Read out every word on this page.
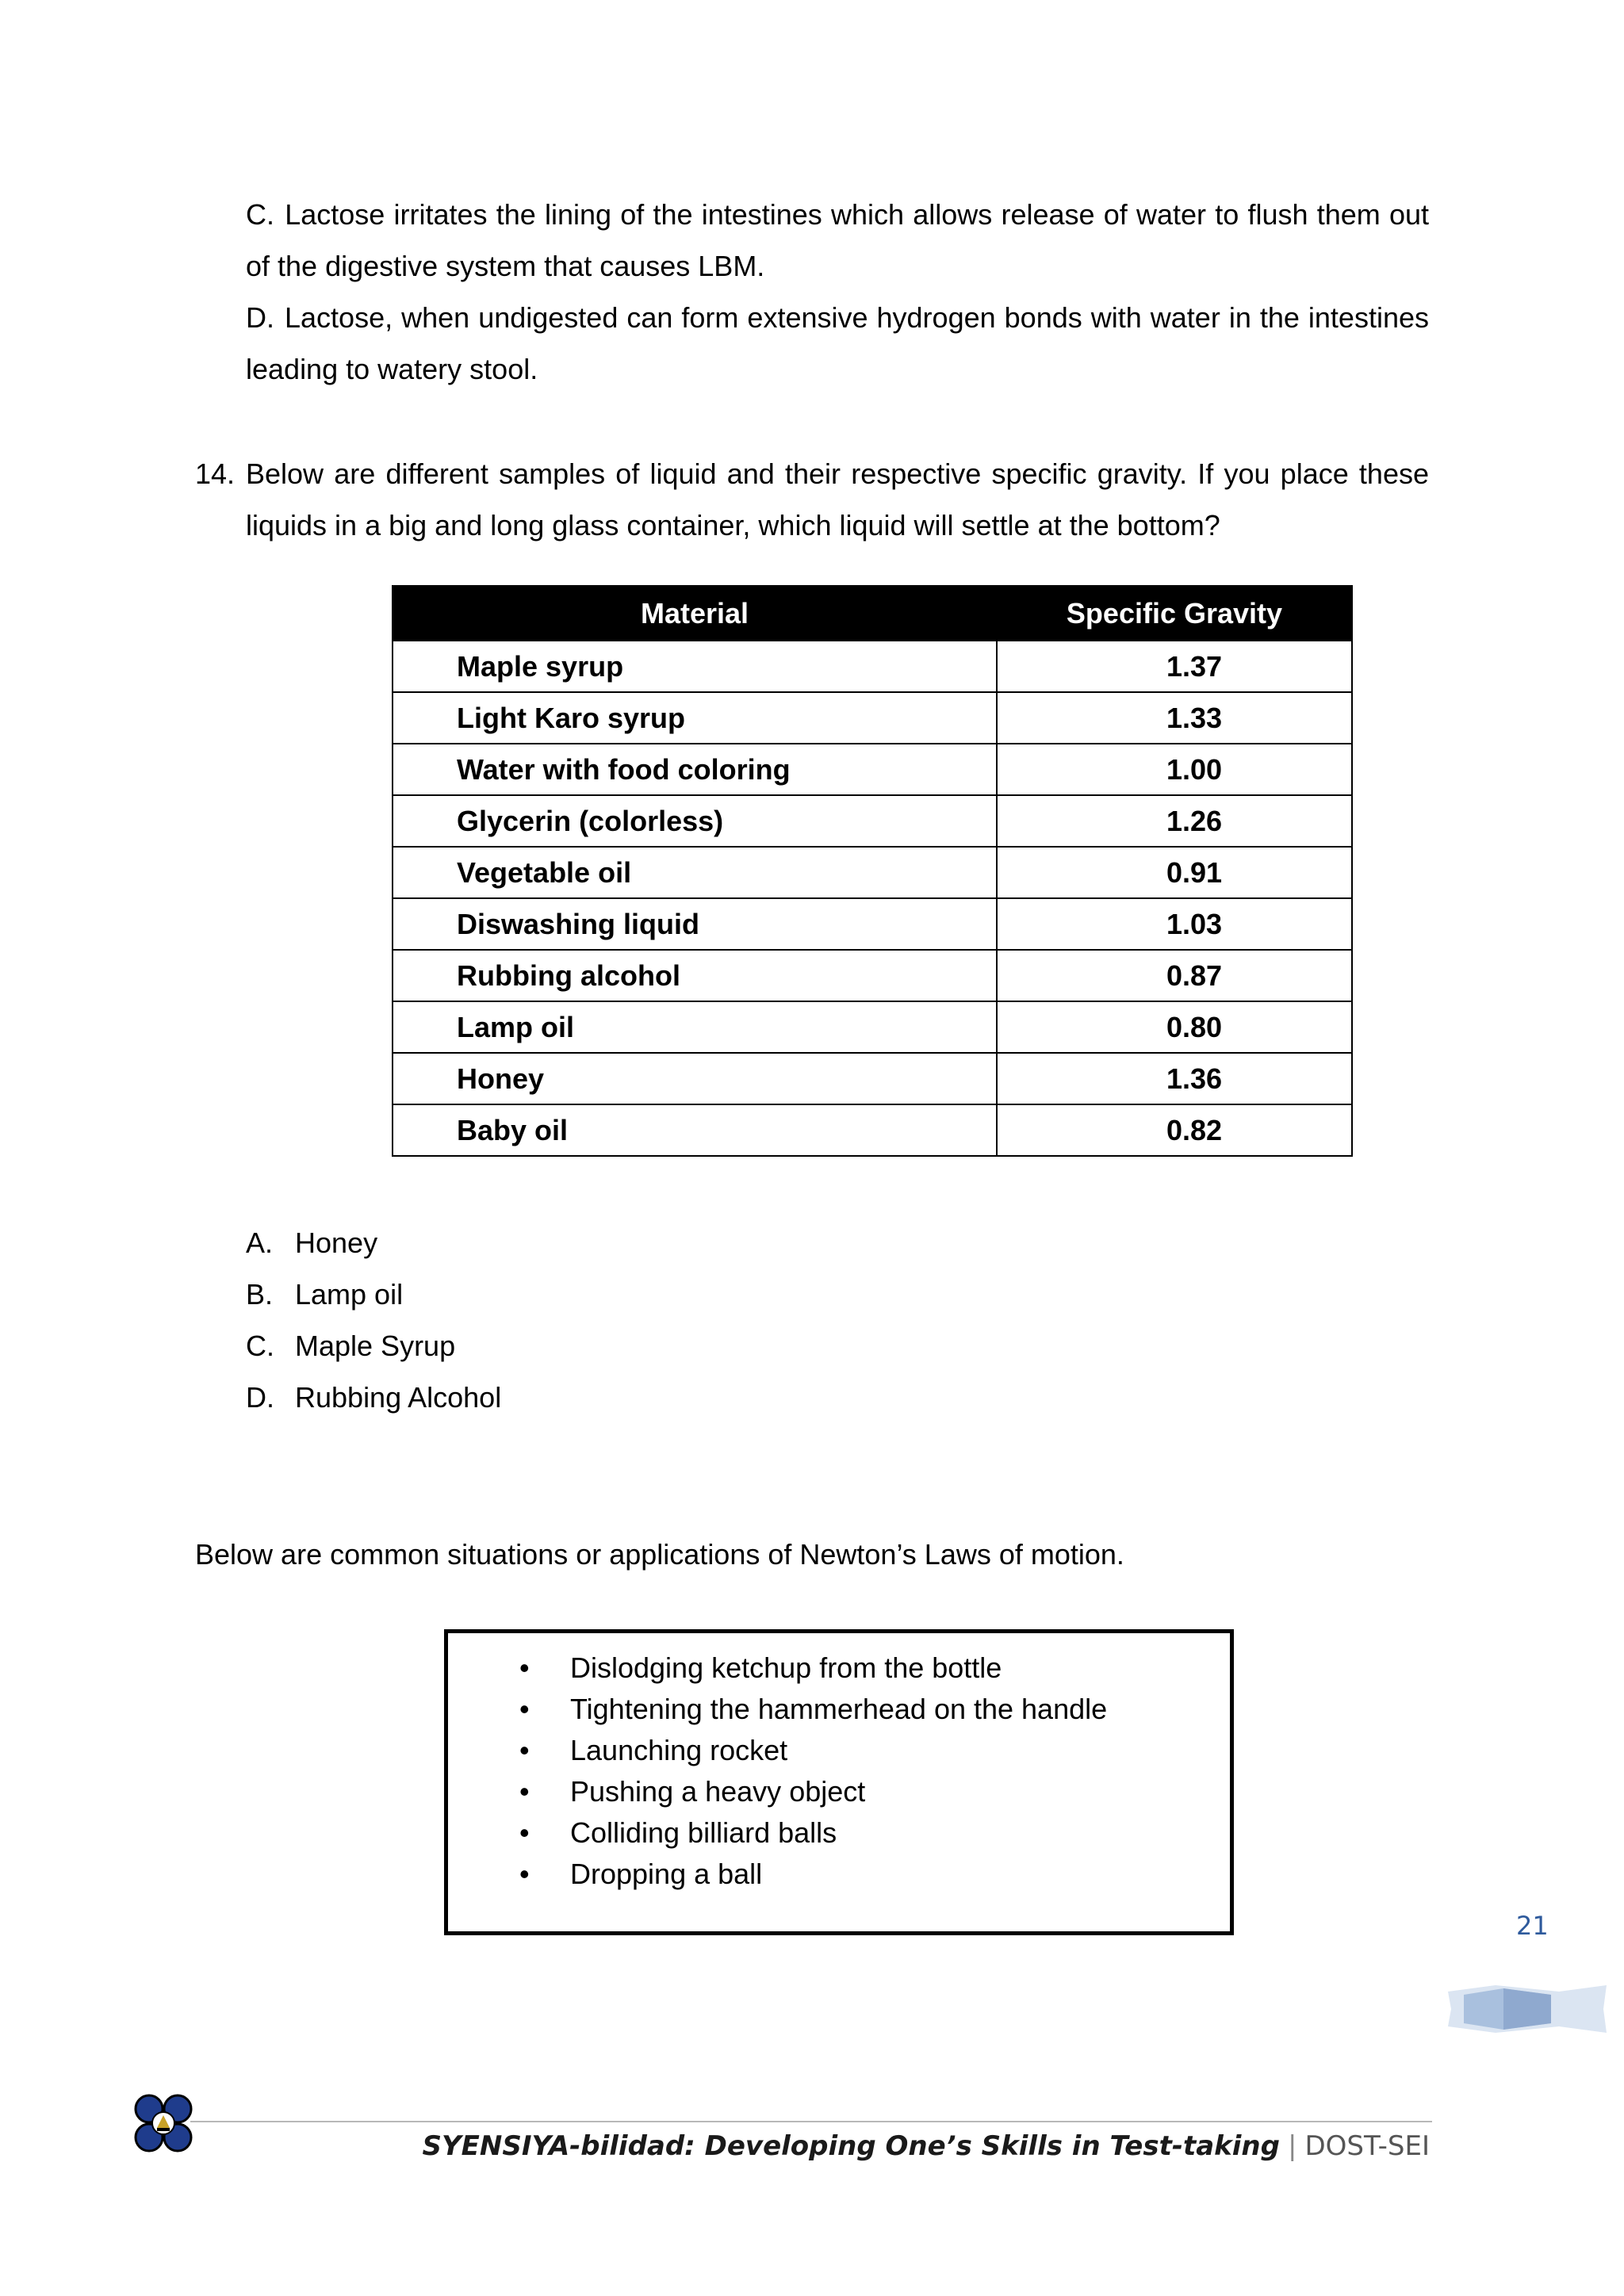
C. Lactose irritates the lining of the intestines which allows release of water to flush them out of the digestive system that causes LBM.
D. Lactose, when undigested can form extensive hydrogen bonds with water in the intestines leading to watery stool.
14. Below are different samples of liquid and their respective specific gravity. If you place these liquids in a big and long glass container, which liquid will settle at the bottom?
Material	Specific Gravity
Maple syrup	1.37
Light Karo syrup	1.33
Water with food coloring	1.00
Glycerin (colorless)	1.26
Vegetable oil	0.91
Diswashing liquid	1.03
Rubbing alcohol	0.87
Lamp oil	0.80
Honey	1.36
Baby oil	0.82
A. Honey
B. Lamp oil
C. Maple Syrup
D. Rubbing Alcohol
Below are common situations or applications of Newton’s Laws of motion.
• Dislodging ketchup from the bottle
• Tightening the hammerhead on the handle
• Launching rocket
• Pushing a heavy object
• Colliding billiard balls
• Dropping a ball
21
SYENSIYA-bilidad: Developing One’s Skills in Test-taking | DOST-SEI
